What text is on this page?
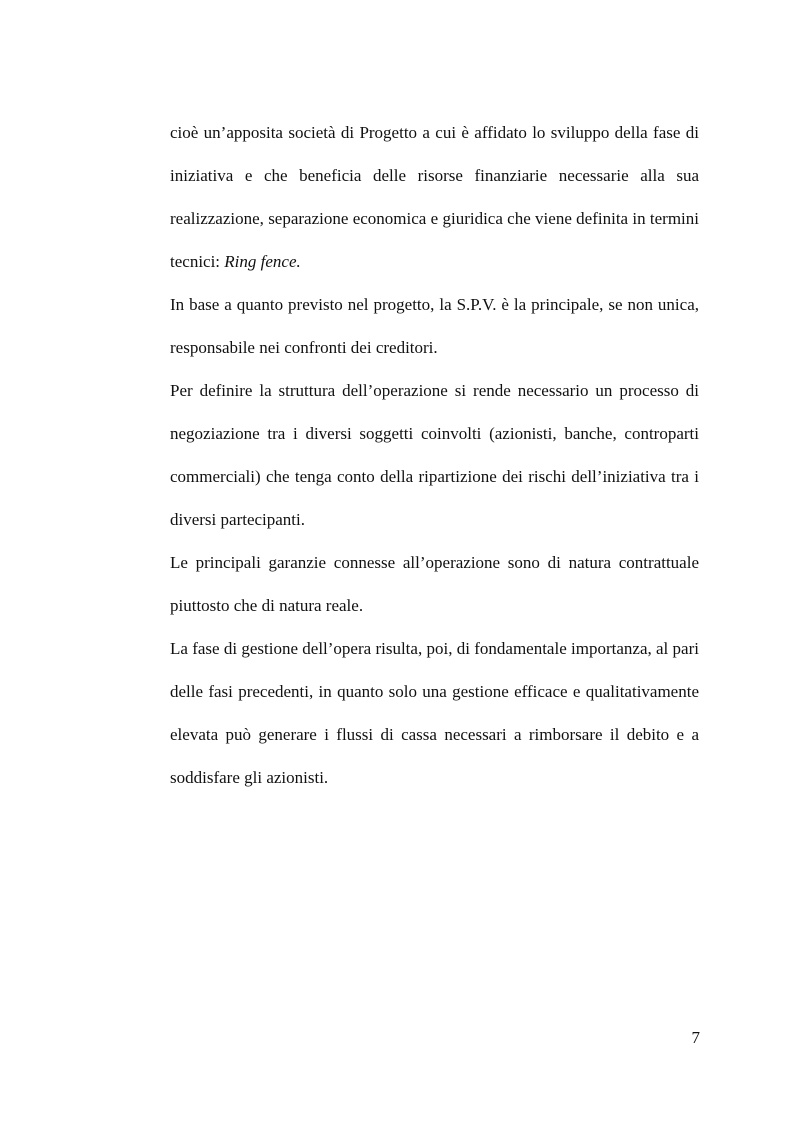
cioè un’apposita società di Progetto a cui è affidato lo sviluppo della fase di iniziativa e che beneficia delle risorse finanziarie necessarie alla sua realizzazione, separazione economica e giuridica che viene definita in termini tecnici: Ring fence.

In base a quanto previsto nel progetto, la S.P.V. è la principale, se non unica, responsabile nei confronti dei creditori.

Per definire la struttura dell’operazione si rende necessario un processo di negoziazione tra i diversi soggetti coinvolti (azionisti, banche, controparti commerciali) che tenga conto della ripartizione dei rischi dell’iniziativa tra i diversi partecipanti.

Le principali garanzie connesse all’operazione sono di natura contrattuale piuttosto che di natura reale.

La fase di gestione dell’opera risulta, poi, di fondamentale importanza, al pari delle fasi precedenti, in quanto solo una gestione efficace e qualitativamente elevata può generare i flussi di cassa necessari a rimborsare il debito e a soddisfare gli azionisti.

7
